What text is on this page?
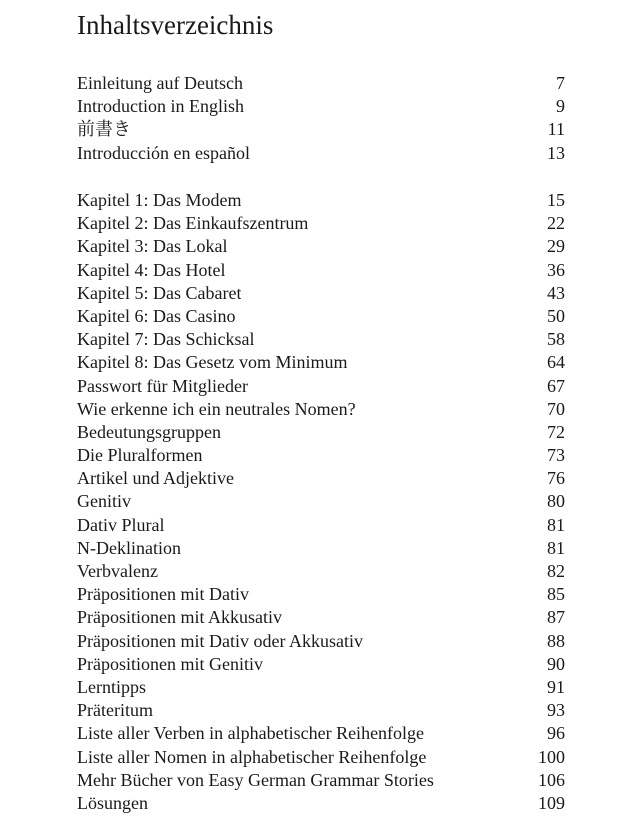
Inhaltsverzeichnis
Einleitung auf Deutsch	7
Introduction in English	9
前書き	11
Introducción en español	13
Kapitel 1: Das Modem	15
Kapitel 2: Das Einkaufszentrum	22
Kapitel 3: Das Lokal	29
Kapitel 4: Das Hotel	36
Kapitel 5: Das Cabaret	43
Kapitel 6: Das Casino	50
Kapitel 7: Das Schicksal	58
Kapitel 8: Das Gesetz vom Minimum	64
Passwort für Mitglieder	67
Wie erkenne ich ein neutrales Nomen?	70
Bedeutungsgruppen	72
Die Pluralformen	73
Artikel und Adjektive	76
Genitiv	80
Dativ Plural	81
N-Deklination	81
Verbvalenz	82
Präpositionen mit Dativ	85
Präpositionen mit Akkusativ	87
Präpositionen mit Dativ oder Akkusativ	88
Präpositionen mit Genitiv	90
Lerntipps	91
Präteritum	93
Liste aller Verben in alphabetischer Reihenfolge	96
Liste aller Nomen in alphabetischer Reihenfolge	100
Mehr Bücher von Easy German Grammar Stories	106
Lösungen	109
